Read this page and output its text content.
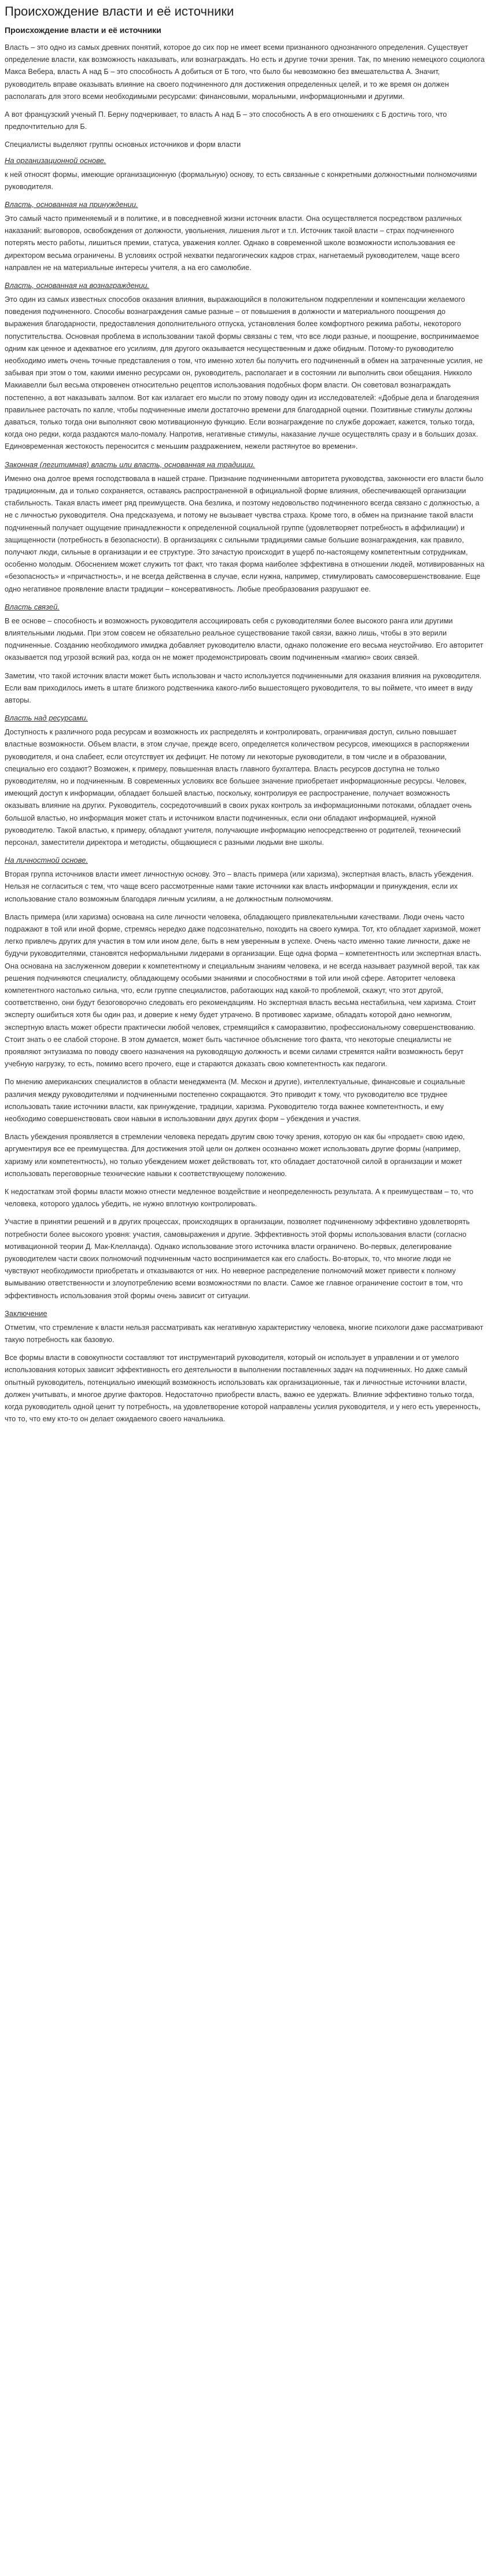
Происхождение власти и её источники
Происхождение власти и её источники

Власть – это одно из самых древних понятий, которое до сих пор не имеет всеми признанного однозначного определения. Существует определение власти, как возможность наказывать, или вознаграждать. Но есть и другие точки зрения. Так, по мнению немецкого социолога Макса Вебера, власть А над Б – это способность А добиться от Б того, что было бы невозможно без вмешательства А. Значит, руководитель вправе оказывать влияние на своего подчиненного для достижения определенных целей, и то же время он должен располагать для этого всеми необходимыми ресурсами: финансовыми, моральными, информационными и другими.

А вот французский ученый П. Берну подчеркивает, то власть А над Б – это способность А в его отношениях с Б достичь того, что предпочтительно для Б.

Специалисты выделяют группы основных источников и форм власти

На организационной основе.

к ней относят формы, имеющие организационную (формальную) основу, то есть связанные с конкретными должностными полномочиями руководителя.

Власть, основанная на принуждении.

Это самый часто применяемый и в политике, и в повседневной жизни источник власти. Она осуществляется посредством различных наказаний: выговоров, освобождения от должности, увольнения, лишения льгот и т.п. Источник такой власти – страх подчиненного потерять место работы, лишиться премии, статуса, уважения коллег. Однако в современной школе возможности использования ее директором весьма ограничены. В условиях острой нехватки педагогических кадров страх, нагнетаемый руководителем, чаще всего направлен не на материальные интересы учителя, а на его самолюбие.

Власть, основанная на вознаграждении.

Это один из самых известных способов оказания влияния, выражающийся в положительном подкреплении и компенсации желаемого поведения подчиненного. Способы вознаграждения самые разные – от повышения в должности и материального поощрения до выражения благодарности, предоставления дополнительного отпуска, установления более комфортного режима работы, некоторого попустительства. Основная проблема в использовании такой формы связаны с тем, что все люди разные, и поощрение, воспринимаемое одним как ценное и адекватное его усилиям, для другого оказывается несущественным и даже обидным. Потому-то руководителю необходимо иметь очень точные представления о том, что именно хотел бы получить его подчиненный в обмен на затраченные усилия, не забывая при этом о том, какими именно ресурсами он, руководитель, располагает и в состоянии ли выполнить свои обещания. Никколо Макиавелли был весьма откровенен относительно рецептов использования подобных форм власти. Он советовал вознаграждать постепенно, а вот наказывать залпом. Вот как излагает его мысли по этому поводу один из исследователей: «Добрые дела и благодеяния правильнее расточать по капле, чтобы подчиненные имели достаточно времени для благодарной оценки. Позитивные стимулы должны даваться, только тогда они выполняют свою мотивационную функцию. Если вознаграждение по службе дорожает, кажется, только тогда, когда оно редки, когда раздаются мало-помалу. Напротив, негативные стимулы, наказание лучше осуществлять сразу и в больших дозах. Единовременная жестокость переносится с меньшим раздражением, нежели растянутое во времени».

Законная (легитимная) власть или власть, основанная на традиции.

Именно она долгое время господствовала в нашей стране. Признание подчиненными авторитета руководства, законности его власти было традиционным, да и только сохраняется, оставаясь распространенной в официальной форме влияния, обеспечивающей организации стабильность. Такая власть имеет ряд преимуществ. Она безлика, и поэтому недовольство подчиненного всегда связано с должностью, а не с личностью руководителя. Она предсказуема, и потому не вызывает чувства страха. Кроме того, в обмен на признание такой власти подчиненный получает ощущение принадлежности к определенной социальной группе (удовлетворяет потребность в аффилиации) и защищенности (потребность в безопасности). В организациях с сильными традициями самые большие вознаграждения, как правило, получают люди, сильные в организации и ее структуре. Это зачастую происходит в ущерб по-настоящему компетентным сотрудникам, особенно молодым. Обоснением может служить тот факт, что такая форма наиболее эффективна в отношении людей, мотивированных на «безопасность» и «причастность», и не всегда действенна в случае, если нужна, например, стимулировать самосовершенствование. Еще одно негативное проявление власти традиции – консервативность. Любые преобразования разрушают ее.

Власть связей.

В ее основе – способность и возможность руководителя ассоциировать себя с руководителями более высокого ранга или другими влиятельными людьми. При этом совсем не обязательно реальное существование такой связи, важно лишь, чтобы в это верили подчиненные. Созданию необходимого имиджа добавляет руководителю власти, однако положение его весьма неустойчиво. Его авторитет оказывается под угрозой всякий раз, когда он не может продемонстрировать своим подчиненным «магию» своих связей.

Заметим, что такой источник власти может быть использован и часто используется подчиненными для оказания влияния на руководителя. Если вам приходилось иметь в штате близкого родственника какого-либо вышестоящего руководителя, то вы поймете, что имеет в виду авторы.

Власть над ресурсами.

Доступность к различного рода ресурсам и возможность их распределять и контролировать, ограничивая доступ, сильно повышает властные возможности. Объем власти, в этом случае, прежде всего, определяется количеством ресурсов, имеющихся в распоряжении руководителя, и она слабеет, если отсутствует их дефицит. Не потому ли некоторые руководители, в том числе и в образовании, специально его создают? Возможен, к примеру, повышенная власть главного бухгалтера. Власть ресурсов доступна не только руководителям, но и подчиненным. В современных условиях все большее значение приобретает информационные ресурсы. Человек, имеющий доступ к информации, обладает большей властью, поскольку, контролируя ее распространение, получает возможность оказывать влияние на других. Руководитель, сосредоточивший в своих руках контроль за информационными потоками, обладает очень большой властью, но информация может стать и источником власти подчиненных, если они обладают информацией, нужной руководителю. Такой властью, к примеру, обладают учителя, получающие информацию непосредственно от родителей, технический персонал, заместители директора и методисты, общающиеся с разными людьми вне школы.

На личностной основе.

Вторая группа источников власти имеет личностную основу. Это – власть примера (или харизма), экспертная власть, власть убеждения. Нельзя не согласиться с тем, что чаще всего рассмотренные нами такие источники как власть информации и принуждения, если их использование стало возможным благодаря личным усилиям, а не должностным полномочиям.

Власть примера (или харизма) основана на силе личности человека, обладающего привлекательными качествами. Люди очень часто подражают в той или иной форме, стремясь нередко даже подсознательно, походить на своего кумира. Тот, кто обладает харизмой, может легко привлечь других для участия в том или ином деле, быть в нем уверенным в успехе. Очень часто именно такие личности, даже не будучи руководителями, становятся неформальными лидерами в организации. Еще одна форма – компетентность или экспертная власть. Она основана на заслуженном доверии к компетентному и специальным знаниям человека, и не всегда называет разумной верой, так как решения подчиняются специалисту, обладающему особыми знаниями и способностями в той или иной сфере. Авторитет человека компетентного настолько сильна, что, если группе специалистов, работающих над какой-то проблемой, скажут, что этот другой, соответственно, они будут безоговорочно следовать его рекомендациям. Но экспертная власть весьма нестабильна, чем харизма. Стоит эксперту ошибиться хотя бы один раз, и доверие к нему будет утрачено. В противовес харизме, обладать которой дано немногим, экспертную власть может обрести практически любой человек, стремящийся к саморазвитию, профессиональному совершенствованию. Стоит знать о ее слабой стороне. В этом думается, может быть частичное объяснение того факта, что некоторые специалисты не проявляют энтузиазма по поводу своего назначения на руководящую должность и всеми силами стремятся найти возможность берут учебную нагрузку, то есть, помимо всего прочего, еще и стараются доказать свою компетентность как педагоги.

По мнению американских специалистов в области менеджмента (М. Мескон и другие), интеллектуальные, финансовые и социальные различия между руководителями и подчиненными постепенно сокращаются. Это приводит к тому, что руководителю все труднее использовать такие источники власти, как принуждение, традиции, харизма. Руководителю тогда важнее компетентность, и ему необходимо совершенствовать свои навыки в использовании двух других форм – убеждения и участия.

Власть убеждения проявляется в стремлении человека передать другим свою точку зрения, которую он как бы «продает» свою идею, аргументируя все ее преимущества. Для достижения этой цели он должен осознанно может использовать другие формы (например, харизму или компетентность), но только убеждением может действовать тот, кто обладает достаточной силой в организации и может использовать переговорные технические навыки к соответствующему положению.

К недостаткам этой формы власти можно отнести медленное воздействие и неопределенность результата. А к преимуществам – то, что человека, которого удалось убедить, не нужно вплотную контролировать.

Участие в принятии решений и в других процессах, происходящих в организации, позволяет подчиненному эффективно удовлетворять потребности более высокого уровня: участия, самовыражения и другие. Эффективность этой формы использования власти (согласно мотивационной теории Д. Мак-Клелланда). Однако использование этого источника власти ограничено. Во-первых, делегирование руководителем части своих полномочий подчиненным часто воспринимается как его слабость. Во-вторых, то, что многие люди не чувствуют необходимости приобретать и отказываются от них. Но неверное распределение полномочий может привести к полному вымыванию ответственности и злоупотреблению всеми возможностями по власти. Самое же главное ограничение состоит в том, что эффективность использования этой формы очень зависит от ситуации.

Заключение

Отметим, что стремление к власти нельзя рассматривать как негативную характеристику человека, многие психологи даже рассматривают такую потребность как базовую.

Все формы власти в совокупности составляют тот инструментарий руководителя, который он использует в управлении и от умелого использования которых зависит эффективность его деятельности в выполнении поставленных задач на подчиненных. Но даже самый опытный руководитель, потенциально имеющий возможность использовать как организационные, так и личностные источники власти, должен учитывать, и многое другие факторов. Недостаточно приобрести власть, важно ее удержать. Влияние эффективно только тогда, когда руководитель одной ценит ту потребность, на удовлетворение которой направлены усилия руководителя, и у него есть уверенность, что то, что ему кто-то он делает ожидаемого своего начальника.
